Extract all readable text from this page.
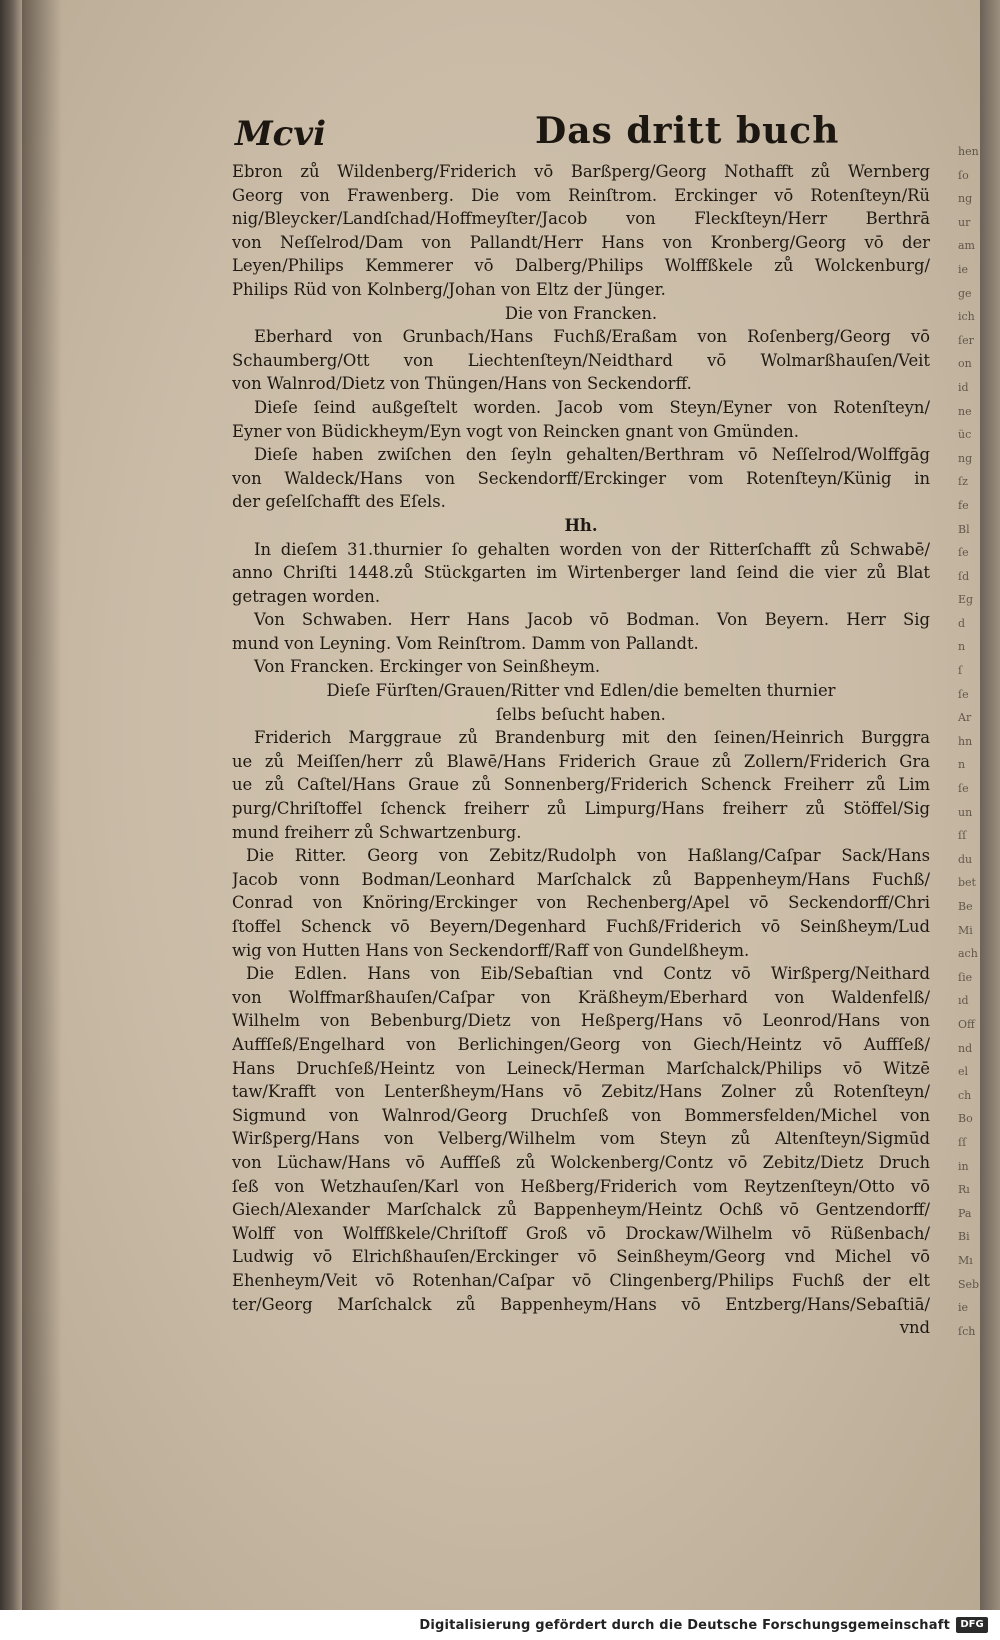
hen
ſo
ng
ur
am
ie
ge
ich
ſer
on
id
ne
üc
ng
ſz
fe
Bl
ſe
ſd
Eg
d
n
ſ
ſe
Ar
hn
n
ſe
un
ſſ
du
bet
Be
Mi
ach
ſie
ıd
Off
nd
el
ch
Bo
ſſ
in
Rı
Pa
Bi
Mı
Seb
ie
ſch
Mcvi	Das dritt buch
Ebron zů Wildenberg/Friderich vō Barßperg/Georg Nothafft zů Wernberg
Georg von Frawenberg. Die vom Reinſtrom. Erckinger vō Rotenſteyn/Rü
nig/Bleycker/Landſchad/Hoffmeyſter/Jacob von Fleckſteyn/Herr Berthrā
von Neſſelrod/Dam von Pallandt/Herr Hans von Kronberg/Georg vō der
Leyen/Philips Kemmerer vō Dalberg/Philips Wolffßkele zů Wolckenburg/
Philips Rüd von Kolnberg/Johan von Eltz der Jünger.
Die von Francken.
Eberhard von Grunbach/Hans Fuchß/Eraßam von Roſenberg/Georg vō
Schaumberg/Ott von Liechtenſteyn/Neidthard vō Wolmarßhauſen/Veit
von Walnrod/Dietz von Thüngen/Hans von Seckendorff.
Dieſe ſeind außgeſtelt worden. Jacob vom Steyn/Eyner von Rotenſteyn/
Eyner von Büdickheym/Eyn vogt von Reincken gnant von Gmünden.
Dieſe haben zwiſchen den ſeyln gehalten/Berthram vō Neſſelrod/Wolffgāg
von Waldeck/Hans von Seckendorff/Erckinger vom Rotenſteyn/Künig in
der geſelſchafft des Eſels.
Hh.
In dieſem 31.thurnier ſo gehalten worden von der Ritterſchafft zů Schwabē/
anno Chriſti 1448.zů Stückgarten im Wirtenberger land ſeind die vier zů Blat
getragen worden.
Von Schwaben. Herr Hans Jacob vō Bodman. Von Beyern. Herr Sig
mund von Leyning. Vom Reinſtrom. Damm von Pallandt.
Von Francken. Erckinger von Seinßheym.
Dieſe Fürſten/Grauen/Ritter vnd Edlen/die bemelten thurnier
ſelbs beſucht haben.
Friderich Marggraue zů Brandenburg mit den ſeinen/Heinrich Burggra
ue zů Meiſſen/herr zů Blawē/Hans Friderich Graue zů Zollern/Friderich Gra
ue zů Caſtel/Hans Graue zů Sonnenberg/Friderich Schenck Freiherr zů Lim
purg/Chriſtoffel ſchenck freiherr zů Limpurg/Hans freiherr zů Stöffel/Sig
mund freiherr zů Schwartzenburg.
Die Ritter. Georg von Zebitz/Rudolph von Haßlang/Caſpar Sack/Hans
Jacob vonn Bodman/Leonhard Marſchalck zů Bappenheym/Hans Fuchß/
Conrad von Knöring/Erckinger von Rechenberg/Apel vō Seckendorff/Chri
ſtoffel Schenck vō Beyern/Degenhard Fuchß/Friderich vō Seinßheym/Lud
wig von Hutten Hans von Seckendorff/Raff von Gundelßheym.
Die Edlen. Hans von Eib/Sebaſtian vnd Contz vō Wirßperg/Neithard
von Wolffmarßhauſen/Caſpar von Kräßheym/Eberhard von Waldenfelß/
Wilhelm von Bebenburg/Dietz von Heßperg/Hans vō Leonrod/Hans von
Auffſeß/Engelhard von Berlichingen/Georg von Giech/Heintz vō Auffſeß/
Hans Druchſeß/Heintz von Leineck/Herman Marſchalck/Philips vō Witzē
taw/Krafft von Lenterßheym/Hans vō Zebitz/Hans Zolner zů Rotenſteyn/
Sigmund von Walnrod/Georg Druchſeß von Bommersfelden/Michel von
Wirßperg/Hans von Velberg/Wilhelm vom Steyn zů Altenſteyn/Sigmūd
von Lüchaw/Hans vō Auffſeß zů Wolckenberg/Contz vō Zebitz/Dietz Druch
ſeß von Wetzhauſen/Karl von Heßberg/Friderich vom Reytzenſteyn/Otto vō
Giech/Alexander Marſchalck zů Bappenheym/Heintz Ochß vō Gentzendorff/
Wolff von Wolffßkele/Chriſtoff Groß vō Drockaw/Wilhelm vō Rüßenbach/
Ludwig vō Elrichßhauſen/Erckinger vō Seinßheym/Georg vnd Michel vō
Ehenheym/Veit vō Rotenhan/Caſpar vō Clingenberg/Philips Fuchß der elt
ter/Georg Marſchalck zů Bappenheym/Hans vō Entzberg/Hans/Sebaſtiā/
vnd
Digitalisierung gefördert durch die Deutsche Forschungsgemeinschaft	DFG
